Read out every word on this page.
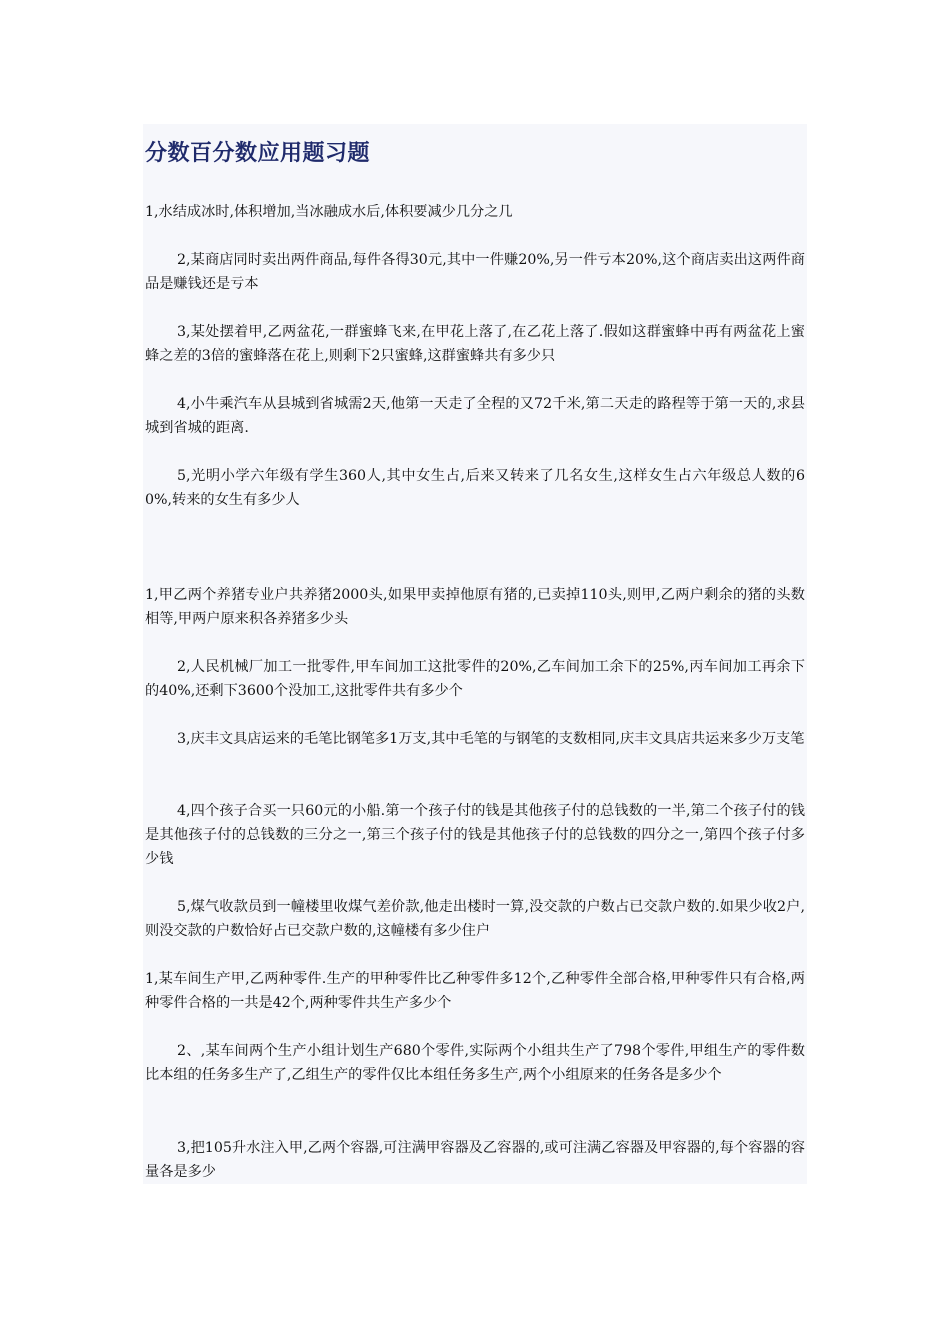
分数百分数应用题习题

1,水结成冰时,体积增加,当冰融成水后,体积要减少几分之几

2,某商店同时卖出两件商品,每件各得30元,其中一件赚20%,另一件亏本20%,这个商店卖出这两件商品是赚钱还是亏本

3,某处摆着甲,乙两盆花,一群蜜蜂飞来,在甲花上落了,在乙花上落了.假如这群蜜蜂中再有两盆花上蜜蜂之差的3倍的蜜蜂落在花上,则剩下2只蜜蜂,这群蜜蜂共有多少只

4,小牛乘汽车从县城到省城需2天,他第一天走了全程的又72千米,第二天走的路程等于第一天的,求县城到省城的距离.

5,光明小学六年级有学生360人,其中女生占,后来又转来了几名女生,这样女生占六年级总人数的60%,转来的女生有多少人

1,甲乙两个养猪专业户共养猪2000头,如果甲卖掉他原有猪的,已卖掉110头,则甲,乙两户剩余的猪的头数相等,甲两户原来积各养猪多少头

2,人民机械厂加工一批零件,甲车间加工这批零件的20%,乙车间加工余下的25%,丙车间加工再余下的40%,还剩下3600个没加工,这批零件共有多少个

3,庆丰文具店运来的毛笔比钢笔多1万支,其中毛笔的与钢笔的支数相同,庆丰文具店共运来多少万支笔

4,四个孩子合买一只60元的小船.第一个孩子付的钱是其他孩子付的总钱数的一半,第二个孩子付的钱是其他孩子付的总钱数的三分之一,第三个孩子付的钱是其他孩子付的总钱数的四分之一,第四个孩子付多少钱

5,煤气收款员到一幢楼里收煤气差价款,他走出楼时一算,没交款的户数占已交款户数的.如果少收2户,则没交款的户数恰好占已交款户数的,这幢楼有多少住户

1,某车间生产甲,乙两种零件.生产的甲种零件比乙种零件多12个,乙种零件全部合格,甲种零件只有合格,两种零件合格的一共是42个,两种零件共生产多少个

2、,某车间两个生产小组计划生产680个零件,实际两个小组共生产了798个零件,甲组生产的零件数比本组的任务多生产了,乙组生产的零件仅比本组任务多生产,两个小组原来的任务各是多少个

3,把105升水注入甲,乙两个容器,可注满甲容器及乙容器的,或可注满乙容器及甲容器的,每个容器的容量各是多少
